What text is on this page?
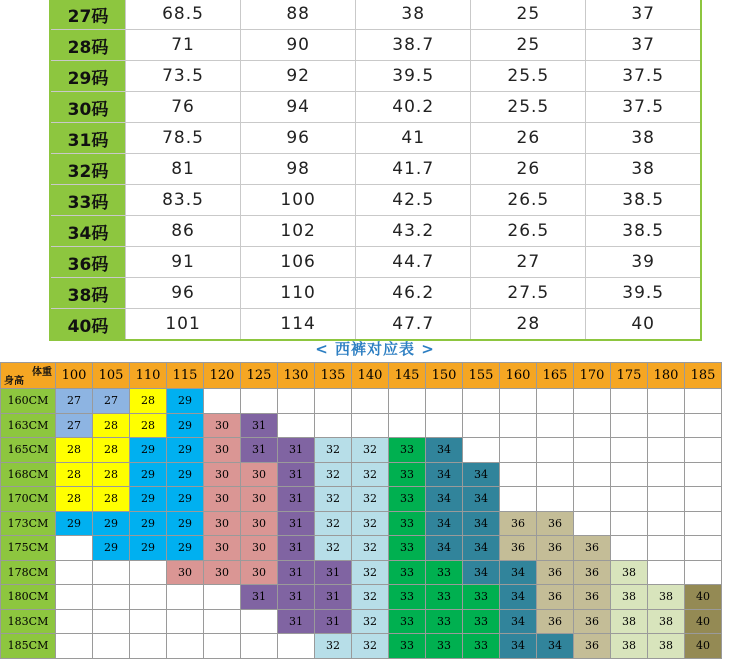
27码	68.5	88	38	25	37
28码	71	90	38.7	25	37
29码	73.5	92	39.5	25.5	37.5
30码	76	94	40.2	25.5	37.5
31码	78.5	96	41	26	38
32码	81	98	41.7	26	38
33码	83.5	100	42.5	26.5	38.5
34码	86	102	43.2	26.5	38.5
36码	91	106	44.7	27	39
38码	96	110	46.2	27.5	39.5
40码	101	114	47.7	28	40
< 西裤对应表 >
体重
身高	100	105	110	115	120	125	130	135	140	145	150	155	160	165	170	175	180	185
160CM	27	27	28	29														
163CM	27	28	28	29	30	31												
165CM	28	28	29	29	30	31	31	32	32	33	34							
168CM	28	28	29	29	30	30	31	32	32	33	34	34						
170CM	28	28	29	29	30	30	31	32	32	33	34	34						
173CM	29	29	29	29	30	30	31	32	32	33	34	34	36	36				
175CM		29	29	29	30	30	31	32	32	33	34	34	36	36	36			
178CM				30	30	30	31	31	32	33	33	34	34	36	36	38		
180CM						31	31	31	32	33	33	33	34	36	36	38	38	40
183CM							31	31	32	33	33	33	34	36	36	38	38	40
185CM								32	32	33	33	33	34	34	36	38	38	40
